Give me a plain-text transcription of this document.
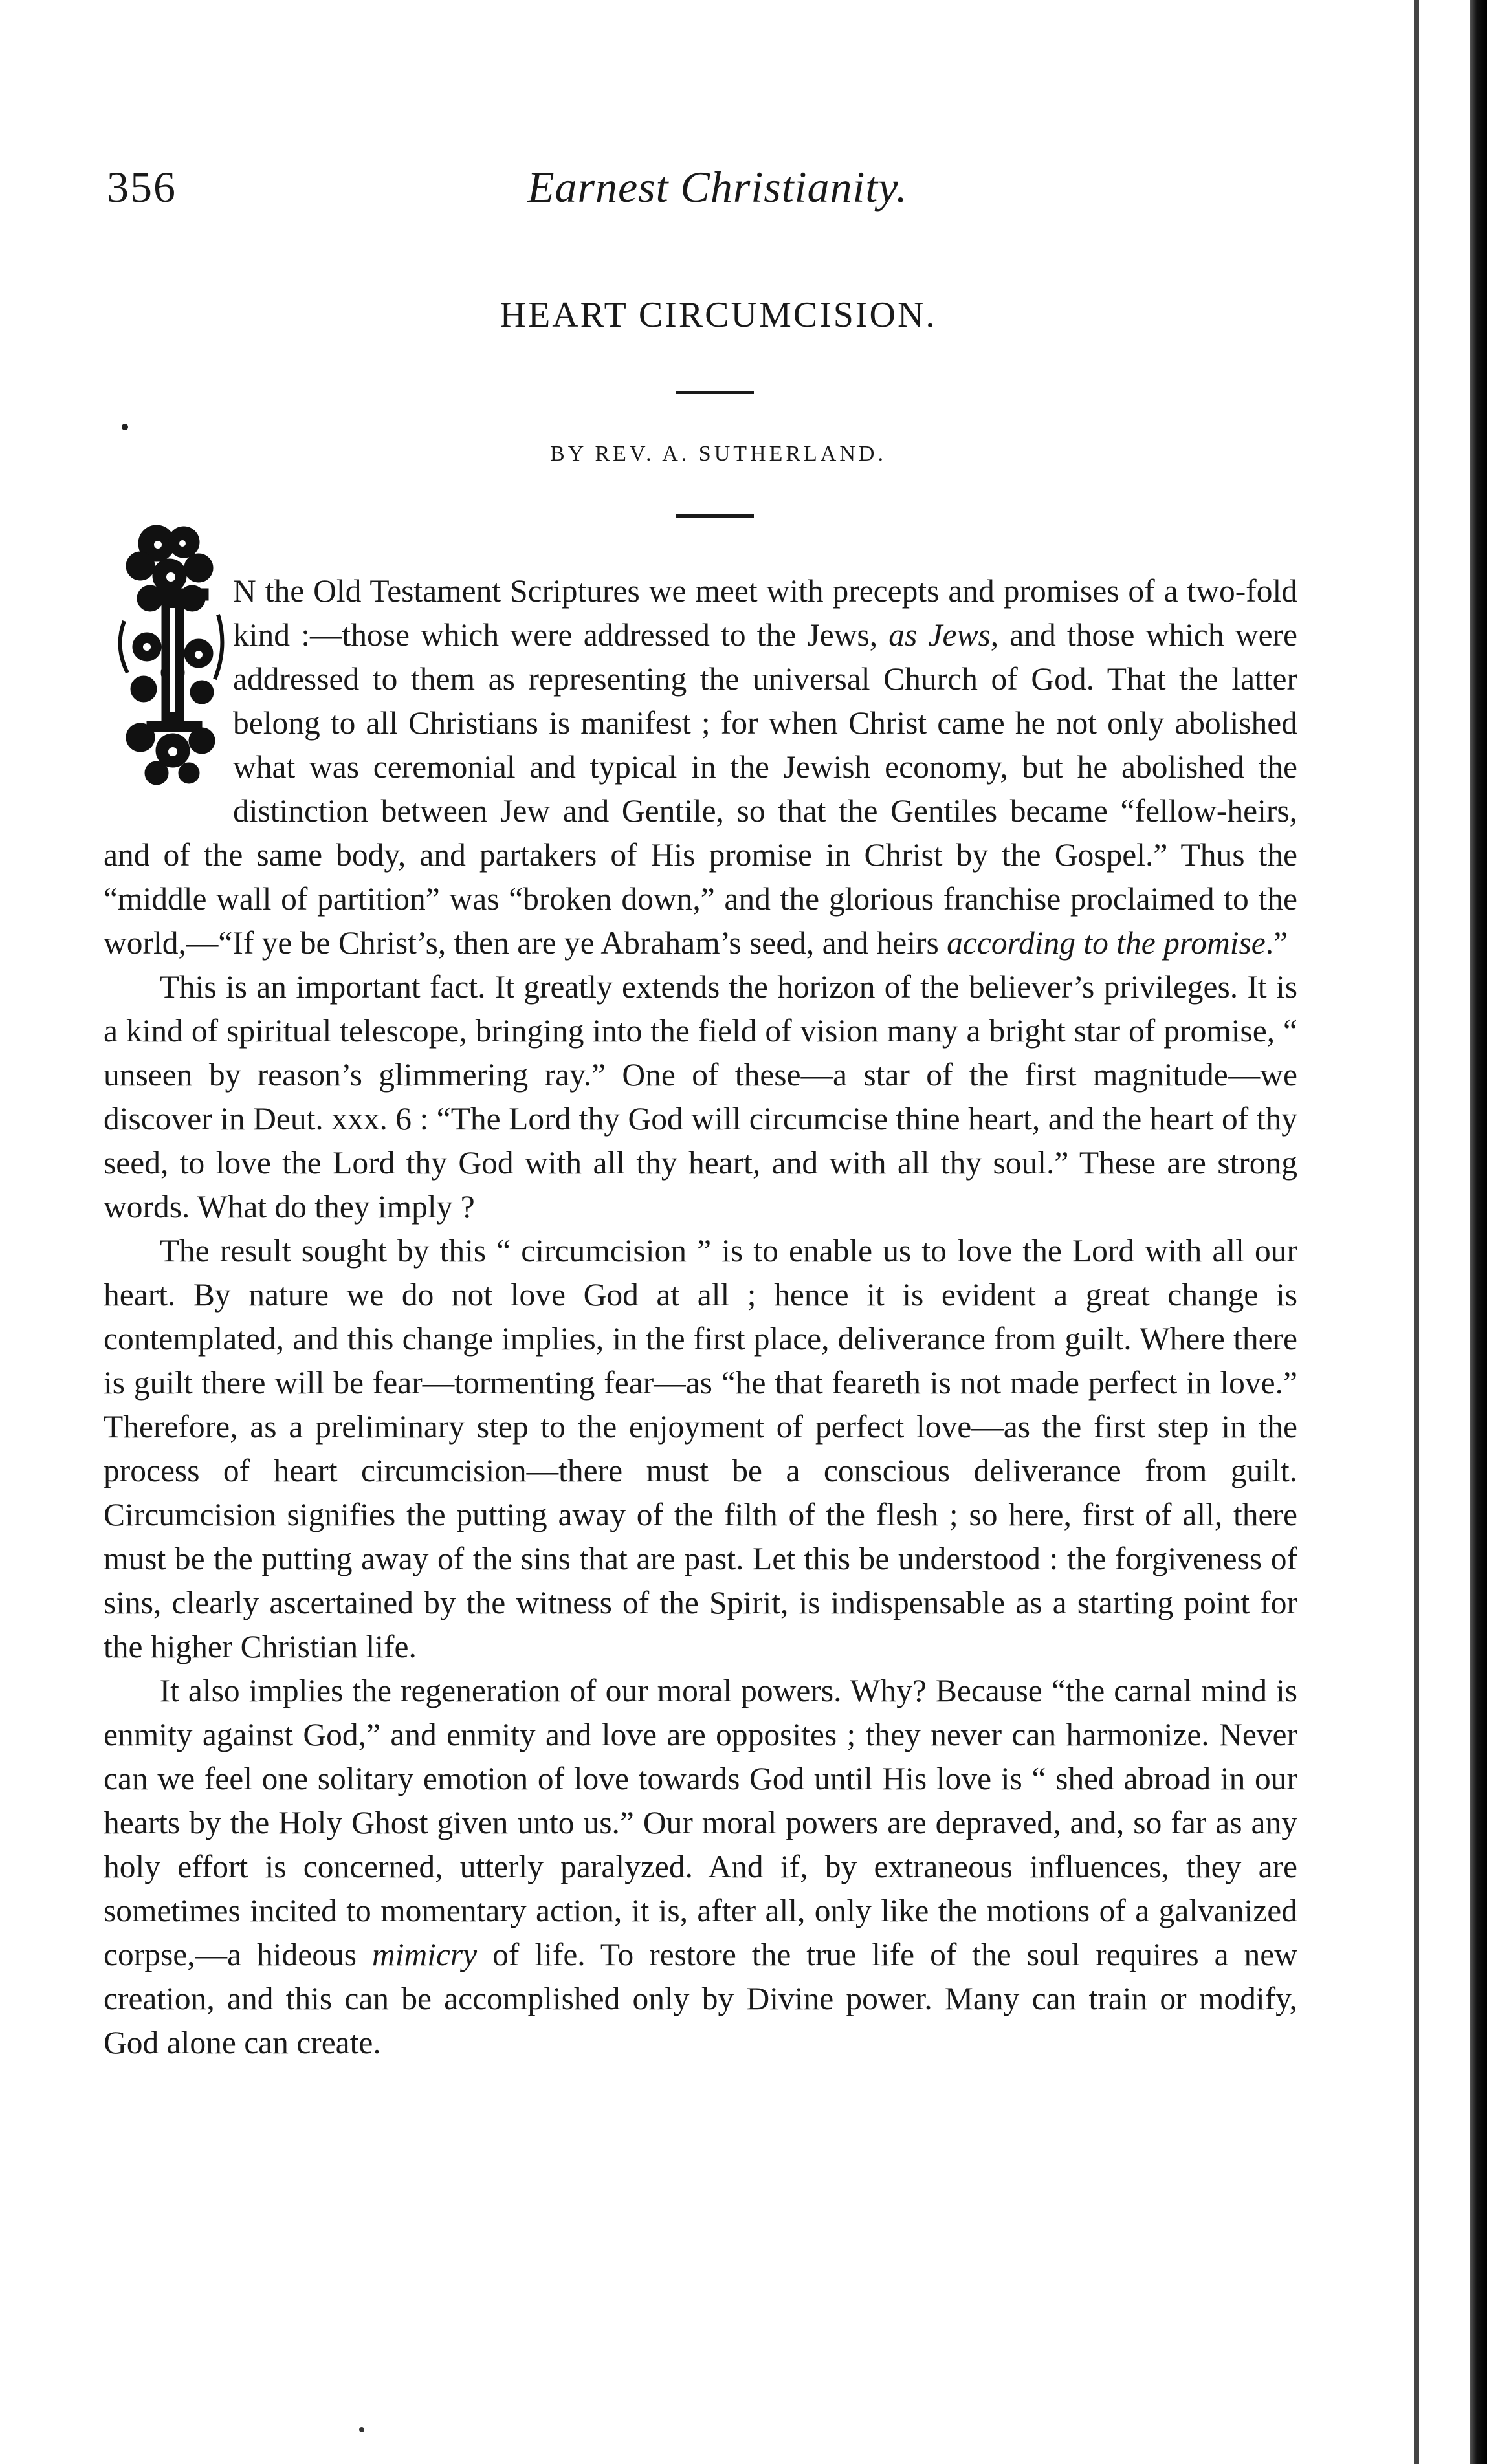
356	Earnest Christianity.
HEART CIRCUMCISION.
BY REV. A. SUTHERLAND.

N the Old Testament Scriptures we meet with precepts and promises of a two-fold kind :—those which were addressed to the Jews, as Jews, and those which were addressed to them as representing the universal Church of God. That the latter belong to all Christians is manifest ; for when Christ came he not only abolished what was ceremonial and typical in the Jewish economy, but he abolished the distinction between Jew and Gentile, so that the Gentiles became “fellow-heirs, and of the same body, and partakers of His promise in Christ by the Gospel.” Thus the “middle wall of partition” was “broken down,” and the glorious franchise proclaimed to the world,—“If ye be Christ’s, then are ye Abraham’s seed, and heirs according to the promise.”

This is an important fact. It greatly extends the horizon of the believer’s privileges. It is a kind of spiritual telescope, bringing into the field of vision many a bright star of promise, “ unseen by reason’s glimmering ray.” One of these—a star of the first magnitude—we discover in Deut. xxx. 6 : “The Lord thy God will circumcise thine heart, and the heart of thy seed, to love the Lord thy God with all thy heart, and with all thy soul.” These are strong words. What do they imply ?

The result sought by this “ circumcision ” is to enable us to love the Lord with all our heart. By nature we do not love God at all ; hence it is evident a great change is contemplated, and this change implies, in the first place, deliverance from guilt. Where there is guilt there will be fear—tormenting fear—as “he that feareth is not made perfect in love.” Therefore, as a preliminary step to the enjoyment of perfect love—as the first step in the process of heart circumcision—there must be a conscious deliverance from guilt. Circumcision signifies the putting away of the filth of the flesh ; so here, first of all, there must be the putting away of the sins that are past. Let this be understood : the forgiveness of sins, clearly ascertained by the witness of the Spirit, is indispensable as a starting point for the higher Christian life.

It also implies the regeneration of our moral powers. Why? Because “the carnal mind is enmity against God,” and enmity and love are opposites ; they never can harmonize. Never can we feel one solitary emotion of love towards God until His love is “ shed abroad in our hearts by the Holy Ghost given unto us.” Our moral powers are depraved, and, so far as any holy effort is concerned, utterly paralyzed. And if, by extraneous influences, they are sometimes incited to momentary action, it is, after all, only like the motions of a galvanized corpse,—a hideous mimicry of life. To restore the true life of the soul requires a new creation, and this can be accomplished only by Divine power. Many can train or modify, God alone can create.
